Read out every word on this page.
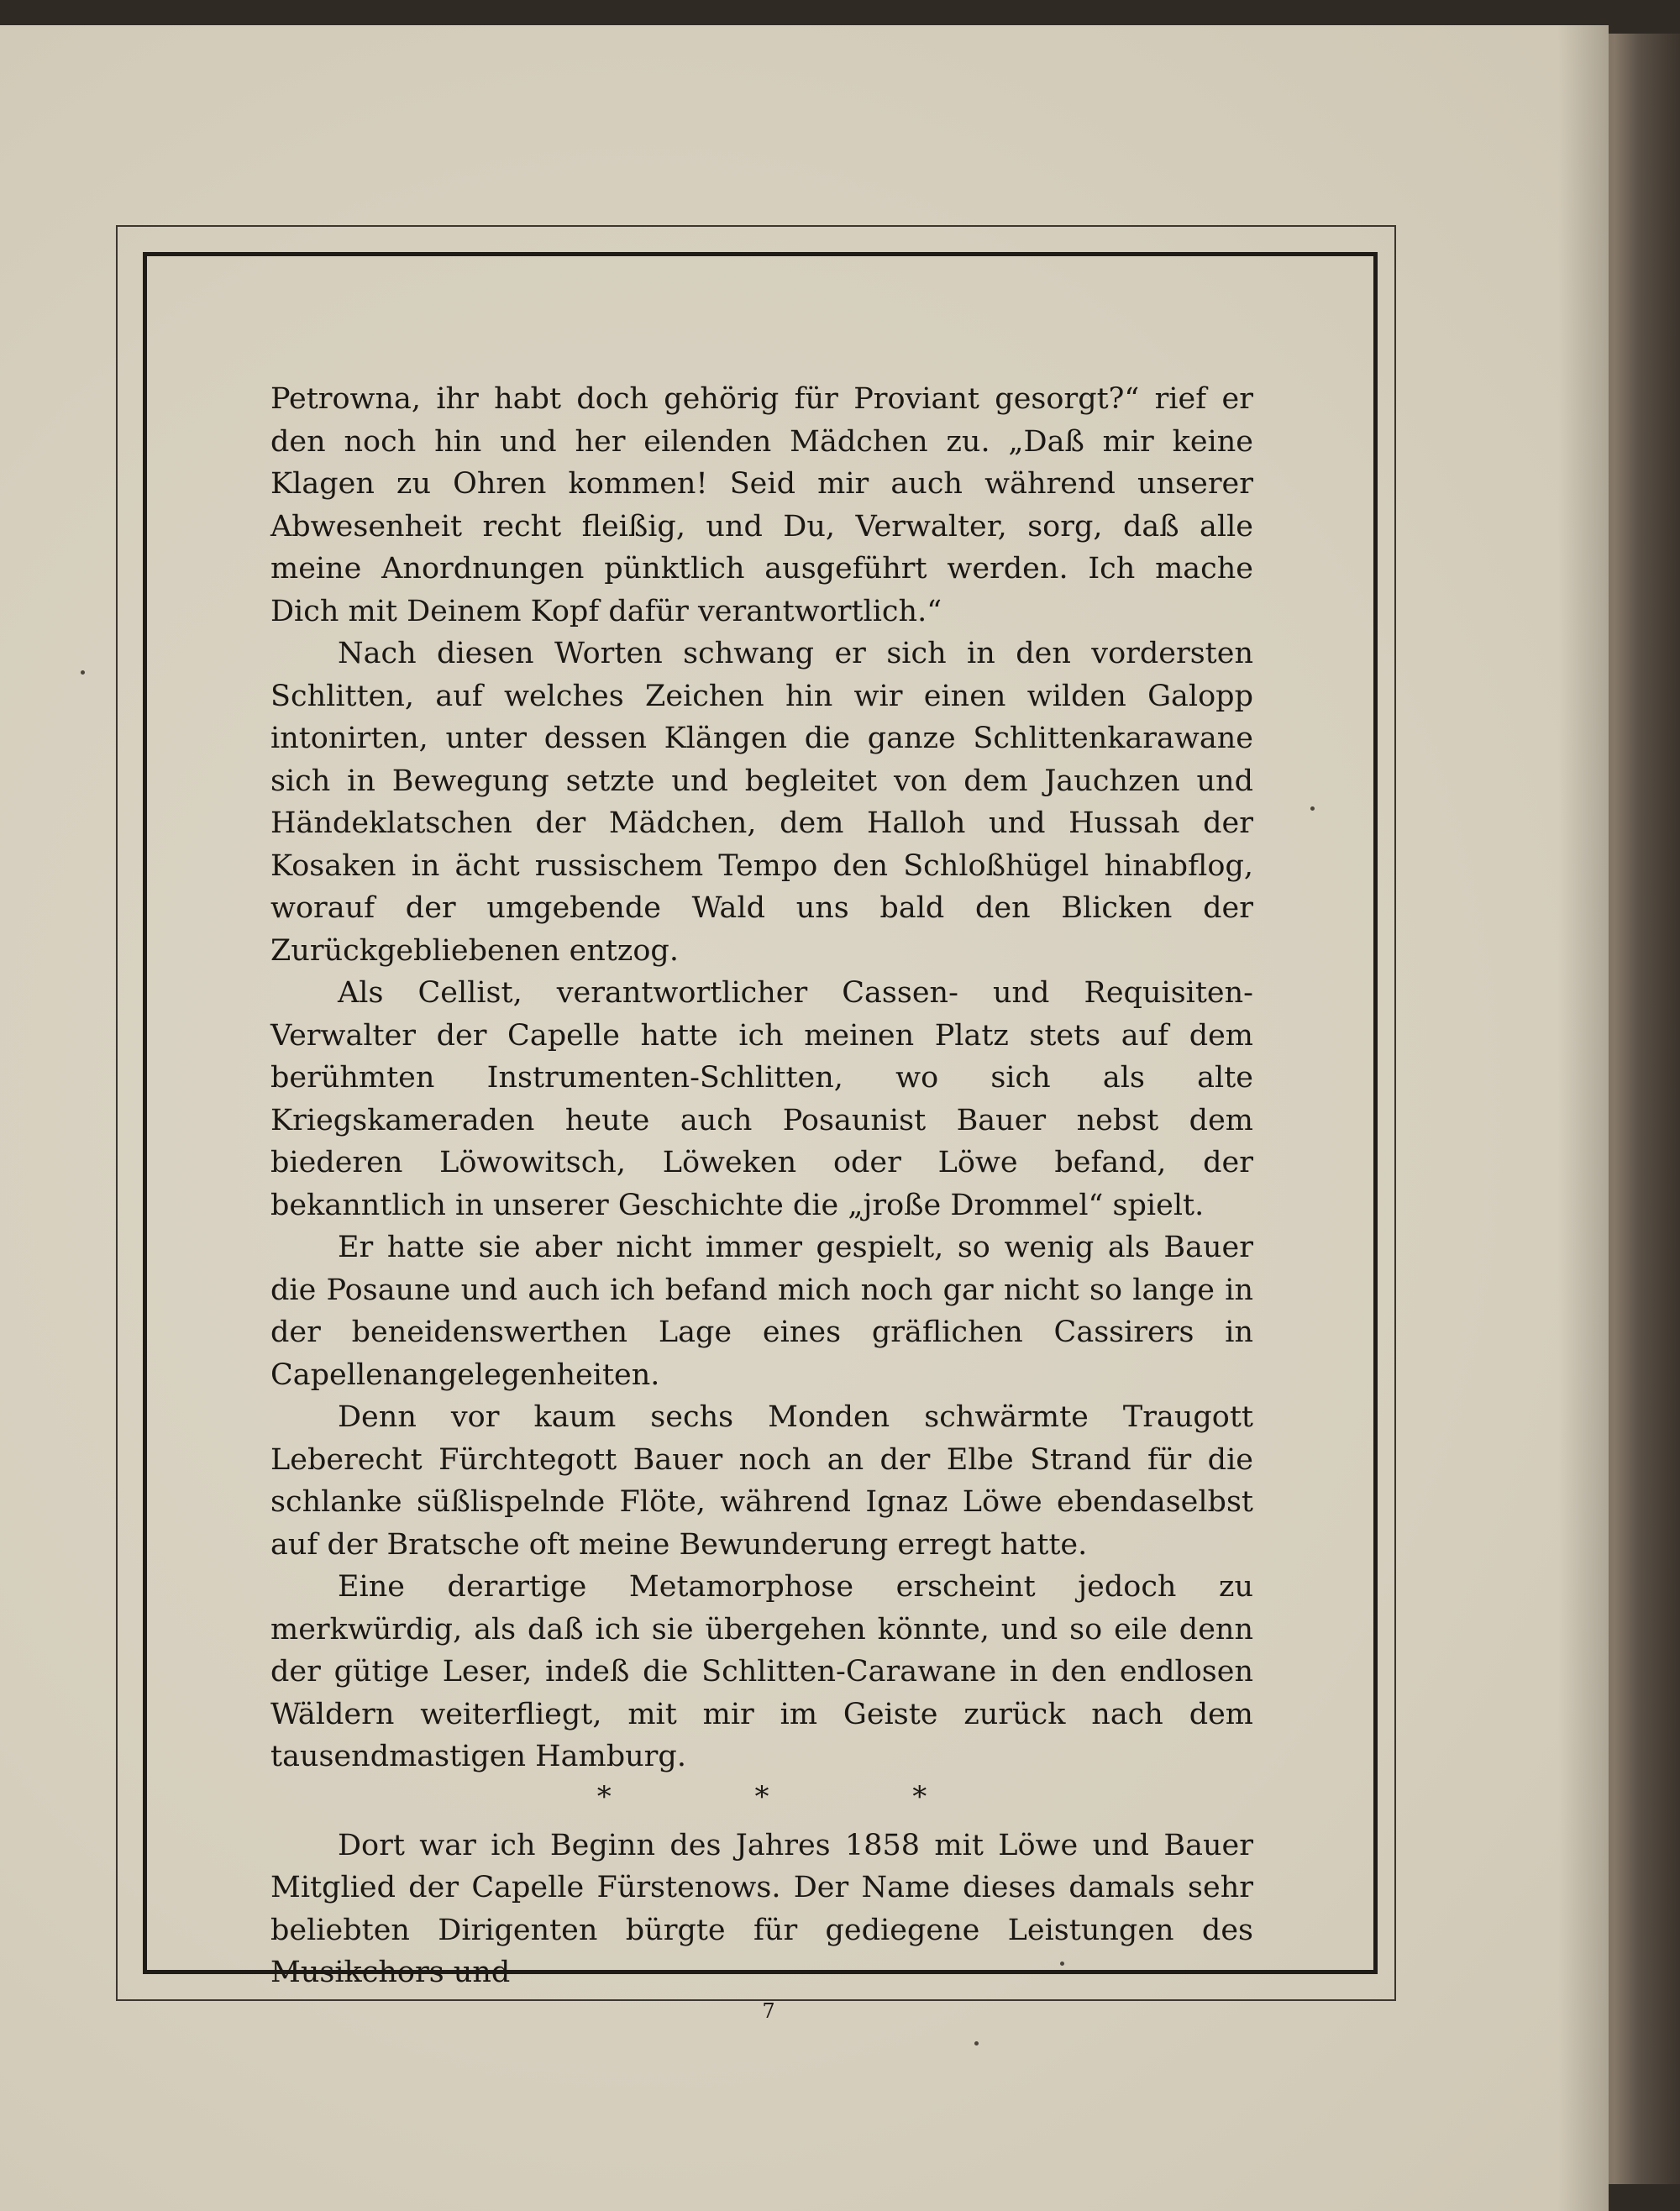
Petrowna, ihr habt doch gehörig für Proviant gesorgt?“ rief er den noch hin und her eilenden Mädchen zu. „Daß mir keine Klagen zu Ohren kommen! Seid mir auch während unserer Abwesenheit recht fleißig, und Du, Verwalter, sorg, daß alle meine Anordnungen pünktlich ausgeführt werden. Ich mache Dich mit Deinem Kopf dafür verantwortlich.“

Nach diesen Worten schwang er sich in den vordersten Schlitten, auf welches Zeichen hin wir einen wilden Galopp intonirten, unter dessen Klängen die ganze Schlittenkarawane sich in Bewegung setzte und begleitet von dem Jauchzen und Händeklatschen der Mädchen, dem Halloh und Hussah der Kosaken in ächt russischem Tempo den Schloßhügel hinabflog, worauf der umgebende Wald uns bald den Blicken der Zurückgebliebenen entzog.

Als Cellist, verantwortlicher Cassen- und Requisiten-Verwalter der Capelle hatte ich meinen Platz stets auf dem berühmten Instrumenten-Schlitten, wo sich als alte Kriegskameraden heute auch Posaunist Bauer nebst dem biederen Löwowitsch, Löweken oder Löwe befand, der bekanntlich in unserer Geschichte die „jroße Drommel“ spielt.

Er hatte sie aber nicht immer gespielt, so wenig als Bauer die Posaune und auch ich befand mich noch gar nicht so lange in der beneidenswerthen Lage eines gräflichen Cassirers in Capellenangelegenheiten.

Denn vor kaum sechs Monden schwärmte Traugott Leberecht Fürchtegott Bauer noch an der Elbe Strand für die schlanke süßlispelnde Flöte, während Ignaz Löwe ebendaselbst auf der Bratsche oft meine Bewunderung erregt hatte.

Eine derartige Metamorphose erscheint jedoch zu merkwürdig, als daß ich sie übergehen könnte, und so eile denn der gütige Leser, indeß die Schlitten-Carawane in den endlosen Wäldern weiterfliegt, mit mir im Geiste zurück nach dem tausendmastigen Hamburg.

* * *

Dort war ich Beginn des Jahres 1858 mit Löwe und Bauer Mitglied der Capelle Fürstenows. Der Name dieses damals sehr beliebten Dirigenten bürgte für gediegene Leistungen des Musikchors und

7
